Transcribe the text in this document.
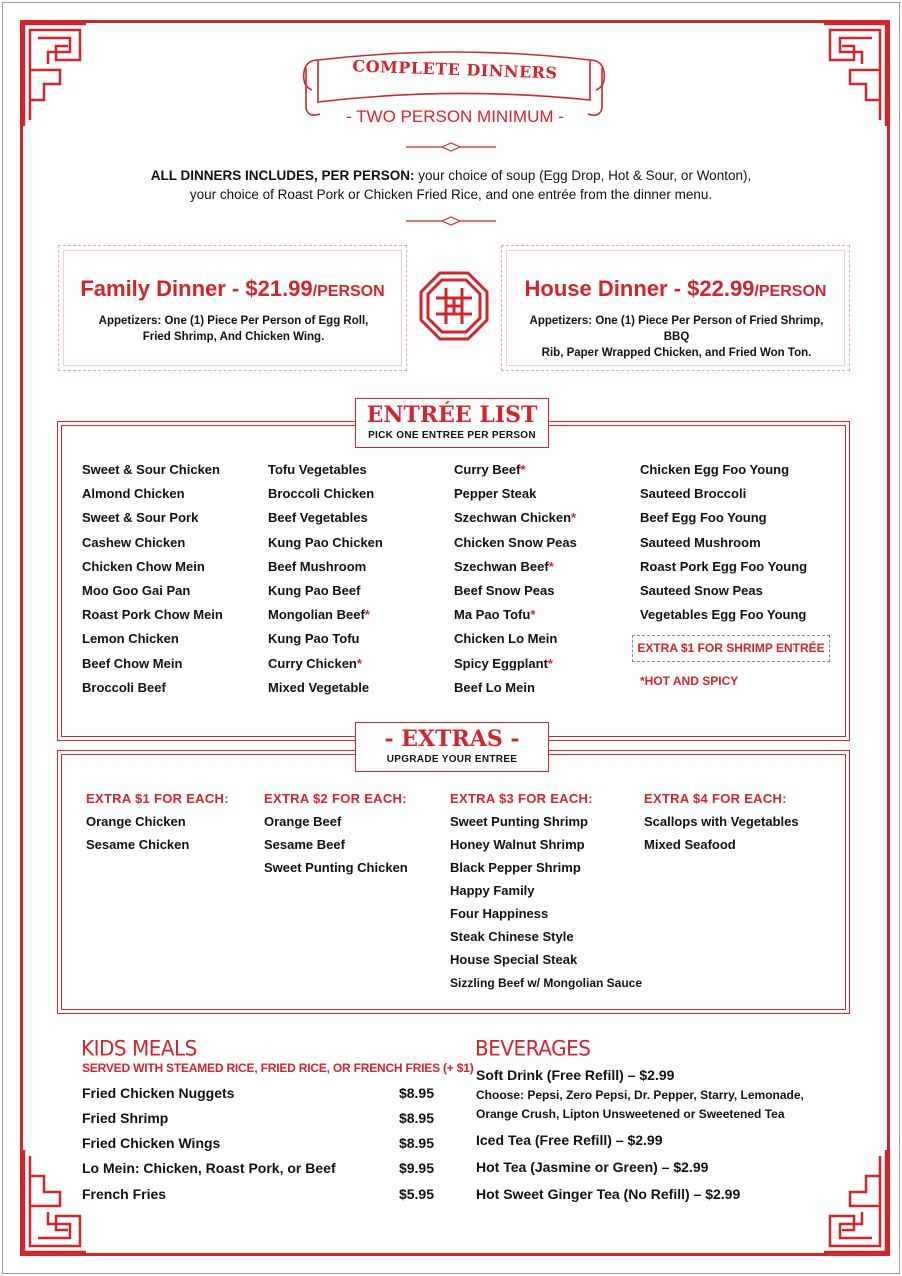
COMPLETE DINNERS
- TWO PERSON MINIMUM -
ALL DINNERS INCLUDES, PER PERSON: your choice of soup (Egg Drop, Hot & Sour, or Wonton),
your choice of Roast Pork or Chicken Fried Rice, and one entrée from the dinner menu.
Family Dinner - $21.99/PERSON
Appetizers: One (1) Piece Per Person of Egg Roll,
Fried Shrimp, And Chicken Wing.
House Dinner - $22.99/PERSON
Appetizers: One (1) Piece Per Person of Fried Shrimp, BBQ
Rib, Paper Wrapped Chicken, and Fried Won Ton.
ENTRÉE LIST
PICK ONE ENTREE PER PERSON
Sweet & Sour Chicken
Almond Chicken
Sweet & Sour Pork
Cashew Chicken
Chicken Chow Mein
Moo Goo Gai Pan
Roast Pork Chow Mein
Lemon Chicken
Beef Chow Mein
Broccoli Beef
Tofu Vegetables
Broccoli Chicken
Beef Vegetables
Kung Pao Chicken
Beef Mushroom
Kung Pao Beef
Mongolian Beef*
Kung Pao Tofu
Curry Chicken*
Mixed Vegetable
Curry Beef*
Pepper Steak
Szechwan Chicken*
Chicken Snow Peas
Szechwan Beef*
Beef Snow Peas
Ma Pao Tofu*
Chicken Lo Mein
Spicy Eggplant*
Beef Lo Mein
Chicken Egg Foo Young
Sauteed Broccoli
Beef Egg Foo Young
Sauteed Mushroom
Roast Pork Egg Foo Young
Sauteed Snow Peas
Vegetables Egg Foo Young
EXTRA $1 FOR SHRIMP ENTRÉE
*HOT AND SPICY
- EXTRAS -
UPGRADE YOUR ENTREE
EXTRA $1 FOR EACH:
Orange Chicken
Sesame Chicken
EXTRA $2 FOR EACH:
Orange Beef
Sesame Beef
Sweet Punting Chicken
EXTRA $3 FOR EACH:
Sweet Punting Shrimp
Honey Walnut Shrimp
Black Pepper Shrimp
Happy Family
Four Happiness
Steak Chinese Style
House Special Steak
Sizzling Beef w/ Mongolian Sauce
EXTRA $4 FOR EACH:
Scallops with Vegetables
Mixed Seafood
KIDS MEALS
SERVED WITH STEAMED RICE, FRIED RICE, OR FRENCH FRIES (+ $1)
Fried Chicken Nuggets	$8.95
Fried Shrimp	$8.95
Fried Chicken Wings	$8.95
Lo Mein: Chicken, Roast Pork, or Beef	$9.95
French Fries	$5.95
BEVERAGES
Soft Drink (Free Refill) – $2.99
Choose: Pepsi, Zero Pepsi, Dr. Pepper, Starry, Lemonade,
Orange Crush, Lipton Unsweetened or Sweetened Tea
Iced Tea (Free Refill) – $2.99
Hot Tea (Jasmine or Green) – $2.99
Hot Sweet Ginger Tea (No Refill) – $2.99
